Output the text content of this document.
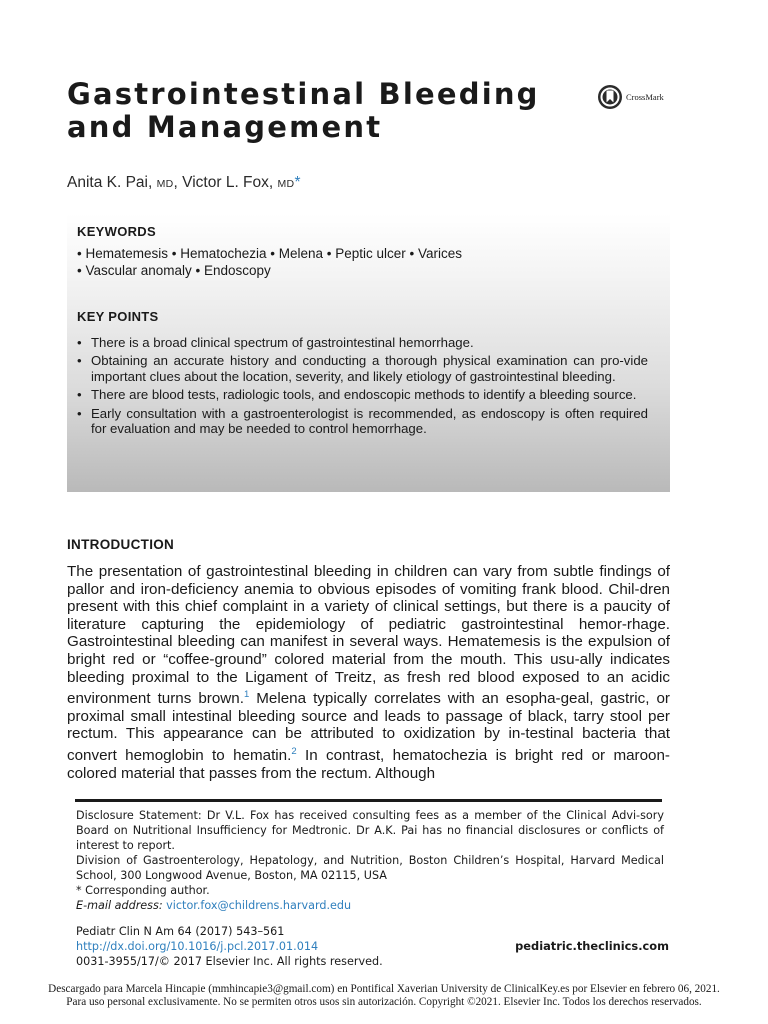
Gastrointestinal Bleeding
and Management
CrossMark
Anita K. Pai, MD, Victor L. Fox, MD*
KEYWORDS
• Hematemesis • Hematochezia • Melena • Peptic ulcer • Varices
• Vascular anomaly • Endoscopy
KEY POINTS
• There is a broad clinical spectrum of gastrointestinal hemorrhage.
• Obtaining an accurate history and conducting a thorough physical examination can pro-vide important clues about the location, severity, and likely etiology of gastrointestinal bleeding.
• There are blood tests, radiologic tools, and endoscopic methods to identify a bleeding source.
• Early consultation with a gastroenterologist is recommended, as endoscopy is often required for evaluation and may be needed to control hemorrhage.
INTRODUCTION

The presentation of gastrointestinal bleeding in children can vary from subtle findings of pallor and iron-deficiency anemia to obvious episodes of vomiting frank blood. Chil-dren present with this chief complaint in a variety of clinical settings, but there is a paucity of literature capturing the epidemiology of pediatric gastrointestinal hemor-rhage. Gastrointestinal bleeding can manifest in several ways. Hematemesis is the expulsion of bright red or “coffee-ground” colored material from the mouth. This usu-ally indicates bleeding proximal to the Ligament of Treitz, as fresh red blood exposed to an acidic environment turns brown.$^1$ Melena typically correlates with an esopha-geal, gastric, or proximal small intestinal bleeding source and leads to passage of black, tarry stool per rectum. This appearance can be attributed to oxidization by in-testinal bacteria that convert hemoglobin to hematin.$^2$ In contrast, hematochezia is bright red or maroon-colored material that passes from the rectum. Although

Disclosure Statement: Dr V.L. Fox has received consulting fees as a member of the Clinical Advi-sory Board on Nutritional Insufficiency for Medtronic. Dr A.K. Pai has no financial disclosures or conflicts of interest to report.

Division of Gastroenterology, Hepatology, and Nutrition, Boston Children’s Hospital, Harvard Medical School, 300 Longwood Avenue, Boston, MA 02115, USA

* Corresponding author.

E-mail address: victor.fox@childrens.harvard.edu

Pediatr Clin N Am 64 (2017) 543–561
http://dx.doi.org/10.1016/j.pcl.2017.01.014
0031-3955/17/© 2017 Elsevier Inc. All rights reserved.
pediatric.theclinics.com

Descargado para Marcela Hincapie (mmhincapie3@gmail.com) en Pontifical Xaverian University de ClinicalKey.es por Elsevier en febrero 06, 2021. Para uso personal exclusivamente. No se permiten otros usos sin autorización. Copyright ©2021. Elsevier Inc. Todos los derechos reservados.
